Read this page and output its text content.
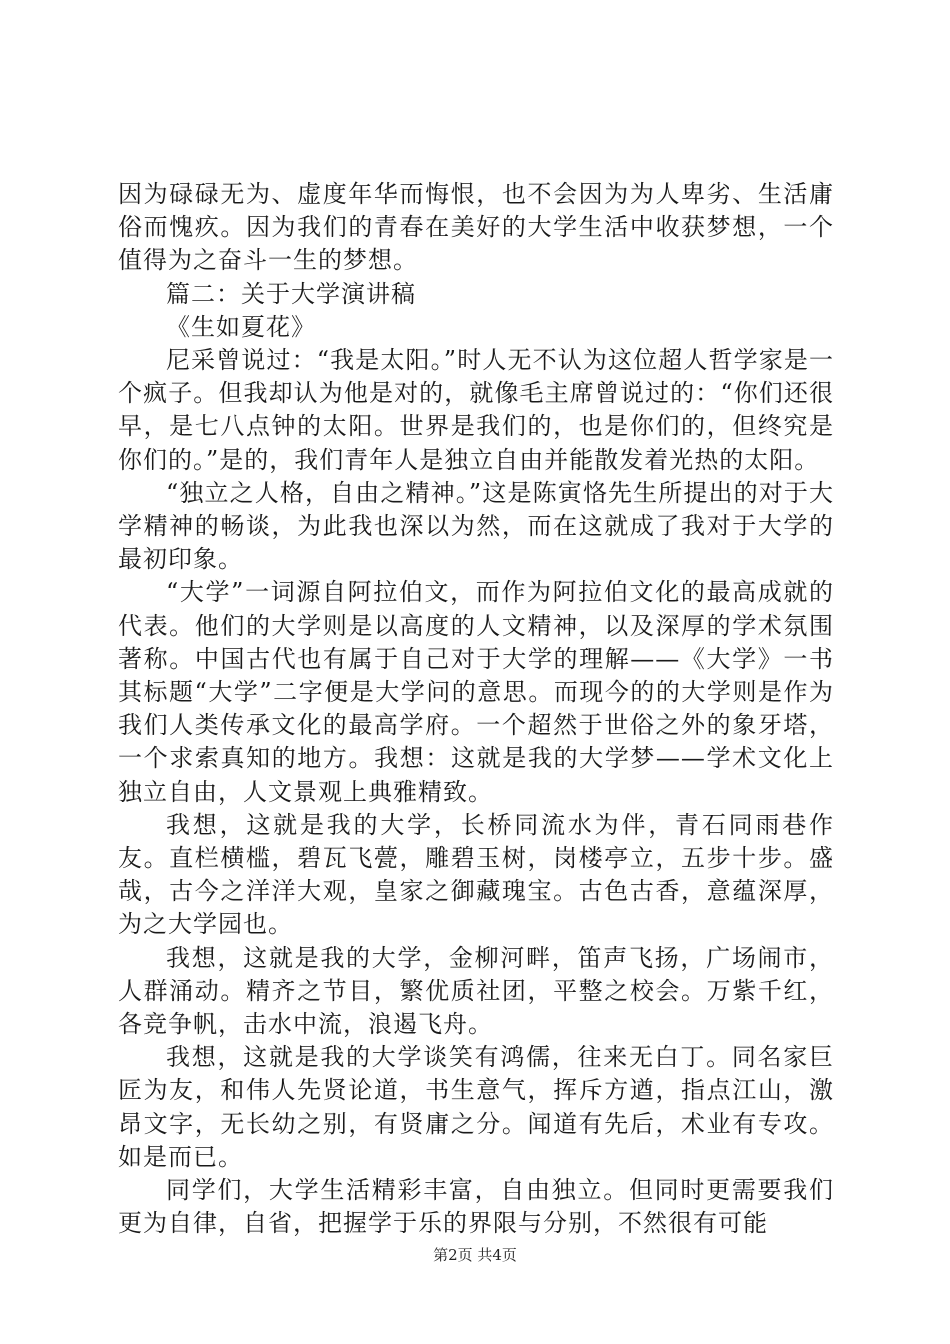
因为碌碌无为、虚度年华而悔恨，也不会因为为人卑劣、生活庸俗而愧疚。因为我们的青春在美好的大学生活中收获梦想，一个值得为之奋斗一生的梦想。

篇二：关于大学演讲稿

《生如夏花》

尼采曾说过：“我是太阳。”时人无不认为这位超人哲学家是一个疯子。但我却认为他是对的，就像毛主席曾说过的：“你们还很早，是七八点钟的太阳。世界是我们的，也是你们的，但终究是你们的。”是的，我们青年人是独立自由并能散发着光热的太阳。

“独立之人格，自由之精神。”这是陈寅恪先生所提出的对于大学精神的畅谈，为此我也深以为然，而在这就成了我对于大学的最初印象。

“大学”一词源自阿拉伯文，而作为阿拉伯文化的最高成就的代表。他们的大学则是以高度的人文精神，以及深厚的学术氛围著称。中国古代也有属于自己对于大学的理解——《大学》一书其标题“大学”二字便是大学问的意思。而现今的的大学则是作为我们人类传承文化的最高学府。一个超然于世俗之外的象牙塔，一个求索真知的地方。我想：这就是我的大学梦——学术文化上独立自由，人文景观上典雅精致。

我想，这就是我的大学，长桥同流水为伴，青石同雨巷作友。直栏横槛，碧瓦飞甍，雕碧玉树，岗楼亭立，五步十步。盛哉，古今之洋洋大观，皇家之御藏瑰宝。古色古香，意蕴深厚，为之大学园也。

我想，这就是我的大学，金柳河畔，笛声飞扬，广场闹市，人群涌动。精齐之节目，繁优质社团，平整之校会。万紫千红，各竞争帆，击水中流，浪遏飞舟。

我想，这就是我的大学谈笑有鸿儒，往来无白丁。同名家巨匠为友，和伟人先贤论道，书生意气，挥斥方遒，指点江山，激昂文字，无长幼之别，有贤庸之分。闻道有先后，术业有专攻。如是而已。

同学们，大学生活精彩丰富，自由独立。但同时更需要我们更为自律，自省，把握学于乐的界限与分别，不然很有可能

第2页 共4页
